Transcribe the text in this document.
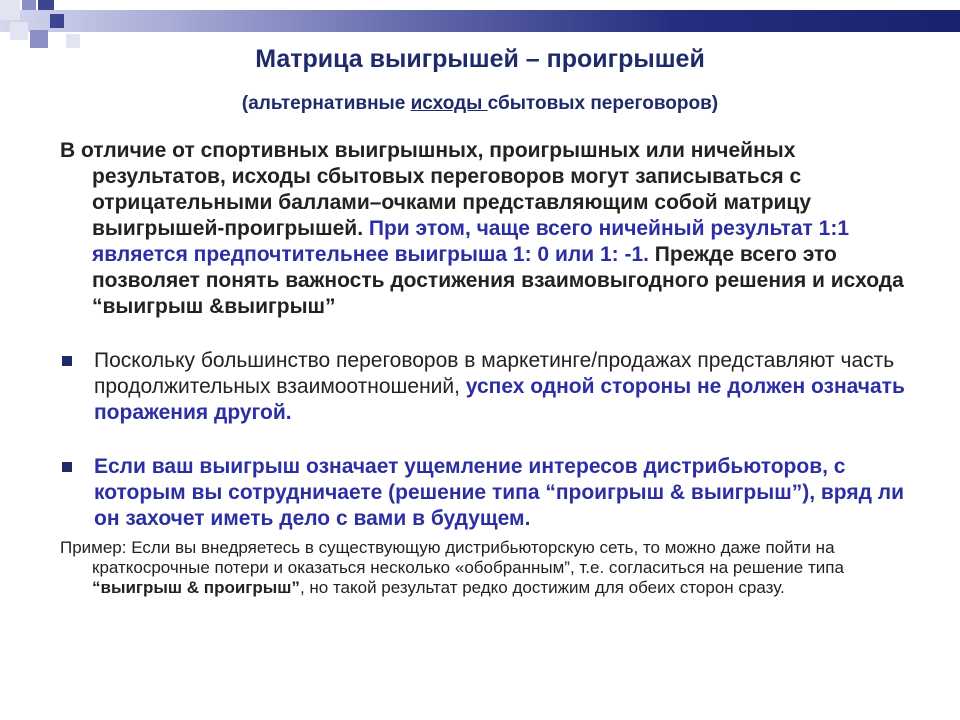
Матрица выигрышей – проигрышей
(альтернативные исходы сбытовых переговоров)

В отличие от спортивных выигрышных, проигрышных или ничейных результатов, исходы сбытовых переговоров могут записываться с отрицательными баллами–очками представляющим собой матрицу выигрышей-проигрышей. При этом, чаще всего ничейный результат 1:1 является предпочтительнее выигрыша 1: 0 или 1: -1. Прежде всего это позволяет понять важность достижения взаимовыгодного решения и исхода “выигрыш &выигрыш”

Поскольку большинство переговоров в маркетинге/продажах представляют часть продолжительных взаимоотношений, успех одной стороны не должен означать поражения другой.

Если ваш выигрыш означает ущемление интересов дистрибьюторов, с которым вы сотрудничаете (решение типа “проигрыш & выигрыш”), вряд ли он захочет иметь дело с вами в будущем.

Пример: Если вы внедряетесь в существующую дистрибьюторскую сеть, то можно даже пойти на краткосрочные потери и оказаться несколько «обобранным”, т.е. согласиться на решение типа “выигрыш & проигрыш”, но такой результат редко достижим для обеих сторон сразу.
